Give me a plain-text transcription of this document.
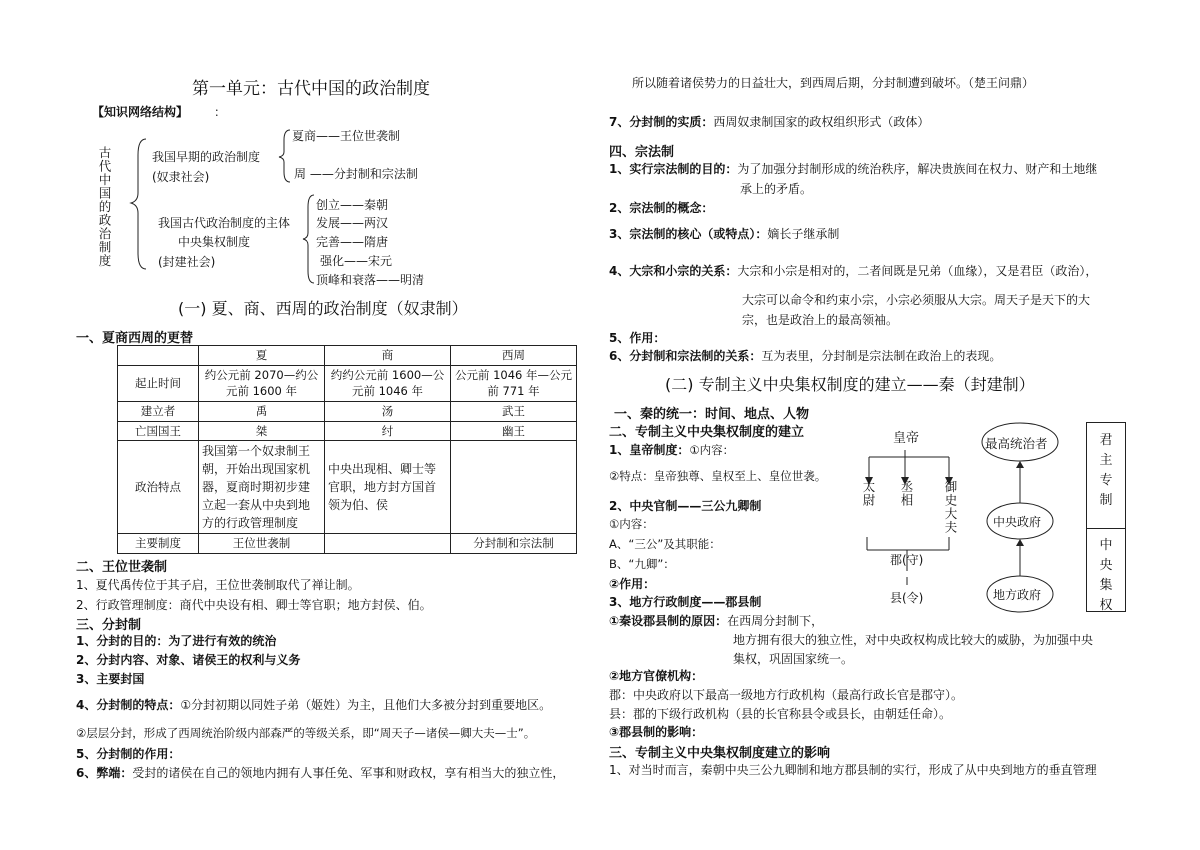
第一单元：古代中国的政治制度
【知识网络结构】 ：
古代中国的政治制度	我国早期的政治制度
(奴隶社会)
夏商——王位世袭制
周 ——分封制和宗法制
我国古代政治制度的主体
中央集权制度
(封建社会)
创立——秦朝
发展——两汉
完善——隋唐
强化——宋元
顶峰和衰落——明清
(一) 夏、商、西周的政治制度（奴隶制）
一、夏商西周的更替
	夏	商	西周
起止时间	约公元前 2070—约公元前 1600 年	约约公元前 1600—公元前 1046 年	公元前 1046 年—公元前 771 年
建立者	禹	汤	武王
亡国国王	桀	纣	幽王
政治特点	我国第一个奴隶制王朝，开始出现国家机器，夏商时期初步建立起一套从中央到地方的行政管理制度	中央出现相、卿士等官职，地方封方国首领为伯、侯	
主要制度	王位世袭制		分封制和宗法制
二、王位世袭制
1、夏代禹传位于其子启，王位世袭制取代了禅让制。
2、行政管理制度：商代中央设有相、卿士等官职；地方封侯、伯。
三、分封制
1、分封的目的：为了进行有效的统治
2、分封内容、对象、诸侯王的权利与义务
3、主要封国
4、分封制的特点：①分封初期以同姓子弟（姬姓）为主，且他们大多被分封到重要地区。
②层层分封，形成了西周统治阶级内部森严的等级关系，即“周天子—诸侯—卿大夫—士”。
5、分封制的作用：
6、弊端：受封的诸侯在自己的领地内拥有人事任免、军事和财政权，享有相当大的独立性，
所以随着诸侯势力的日益壮大，到西周后期，分封制遭到破坏。（楚王问鼎）
7、分封制的实质：西周奴隶制国家的政权组织形式（政体）
四、宗法制
1、实行宗法制的目的：为了加强分封制形成的统治秩序，解决贵族间在权力、财产和土地继
承上的矛盾。
2、宗法制的概念：
3、宗法制的核心（或特点）：嫡长子继承制
4、大宗和小宗的关系：大宗和小宗是相对的，二者间既是兄弟（血缘），又是君臣（政治），
大宗可以命令和约束小宗，小宗必须服从大宗。周天子是天下的大
宗，也是政治上的最高领袖。
5、作用：
6、分封制和宗法制的关系：互为表里，分封制是宗法制在政治上的表现。
(二) 专制主义中央集权制度的建立——秦（封建制）
一、秦的统一：时间、地点、人物
二、专制主义中央集权制度的建立
1、皇帝制度：①内容：
②特点：皇帝独尊、皇权至上、皇位世袭。
2、中央官制——三公九卿制
①内容：
A、“三公”及其职能：
B、“九卿”：
②作用：
3、地方行政制度——郡县制
①秦设郡县制的原因：在西周分封制下，
地方拥有很大的独立性，对中央政权构成比较大的威胁，为加强中央
集权，巩固国家统一。
②地方官僚机构：
郡：中央政府以下最高一级地方行政机构（最高行政长官是郡守）。
县：郡的下级行政机构（县的长官称县令或县长，由朝廷任命）。
③郡县制的影响：
三、专制主义中央集权制度建立的影响
1、对当时而言，秦朝中央三公九卿制和地方郡县制的实行，形成了从中央到地方的垂直管理
皇帝
太尉 丞相 御史大夫
郡(守)
县(令)
最高统治者
中央政府
地方政府
君
主
专
制
中
央
集
权
